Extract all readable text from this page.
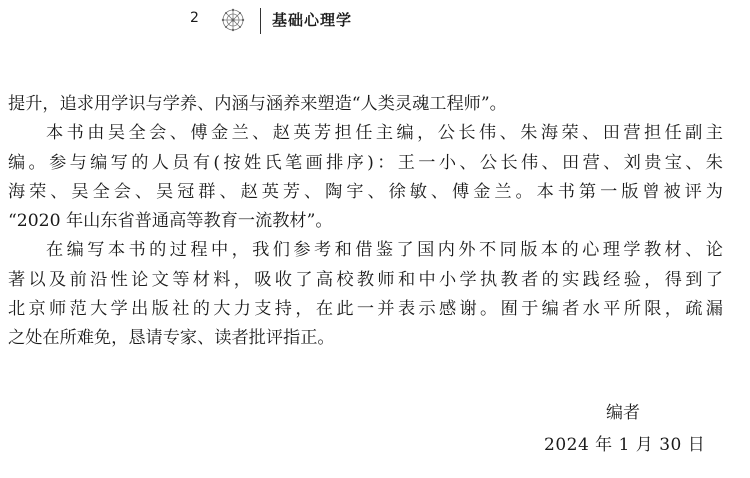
2	基础心理学
提升，追求用学识与学养、内涵与涵养来塑造“人类灵魂工程师”。
本书由吴全会、傅金兰、赵英芳担任主编，公长伟、朱海荣、田营担任副主
编。参与编写的人员有(按姓氏笔画排序)：王一小、公长伟、田营、刘贵宝、朱
海荣、吴全会、吴冠群、赵英芳、陶宇、徐敏、傅金兰。本书第一版曾被评为
“2020 年山东省普通高等教育一流教材”。
在编写本书的过程中，我们参考和借鉴了国内外不同版本的心理学教材、论
著以及前沿性论文等材料，吸收了高校教师和中小学执教者的实践经验，得到了
北京师范大学出版社的大力支持，在此一并表示感谢。囿于编者水平所限，疏漏
之处在所难免，恳请专家、读者批评指正。
编者
2024 年 1 月 30 日
